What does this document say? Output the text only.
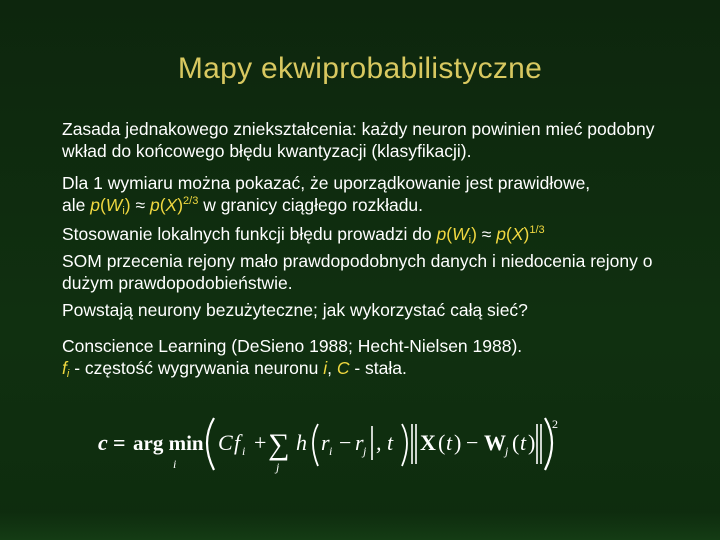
Mapy ekwiprobabilistyczne

Zasada jednakowego zniekształcenia: każdy neuron powinien mieć podobny wkład do końcowego błędu kwantyzacji (klasyfikacji).

Dla 1 wymiaru można pokazać, że uporządkowanie jest prawidłowe,
ale $p(W_i) \approx p(X)^{2/3}$ w granicy ciągłego rozkładu.

Stosowanie lokalnych funkcji błędu prowadzi do $p(W_i) \approx p(X)^{1/3}$

SOM przecenia rejony mało prawdopodobnych danych i niedocenia rejony o dużym prawdopodobieństwie.

Powstają neurony bezużyteczne; jak wykorzystać całą sieć?

Conscience Learning (DeSieno 1988; Hecht-Nielsen 1988).
$f_i$ - częstość wygrywania neuronu i, C - stała.

c = arg min
i
C f i + ∑
j
h r i − r j , t X ( t ) − W j ( t )
2
